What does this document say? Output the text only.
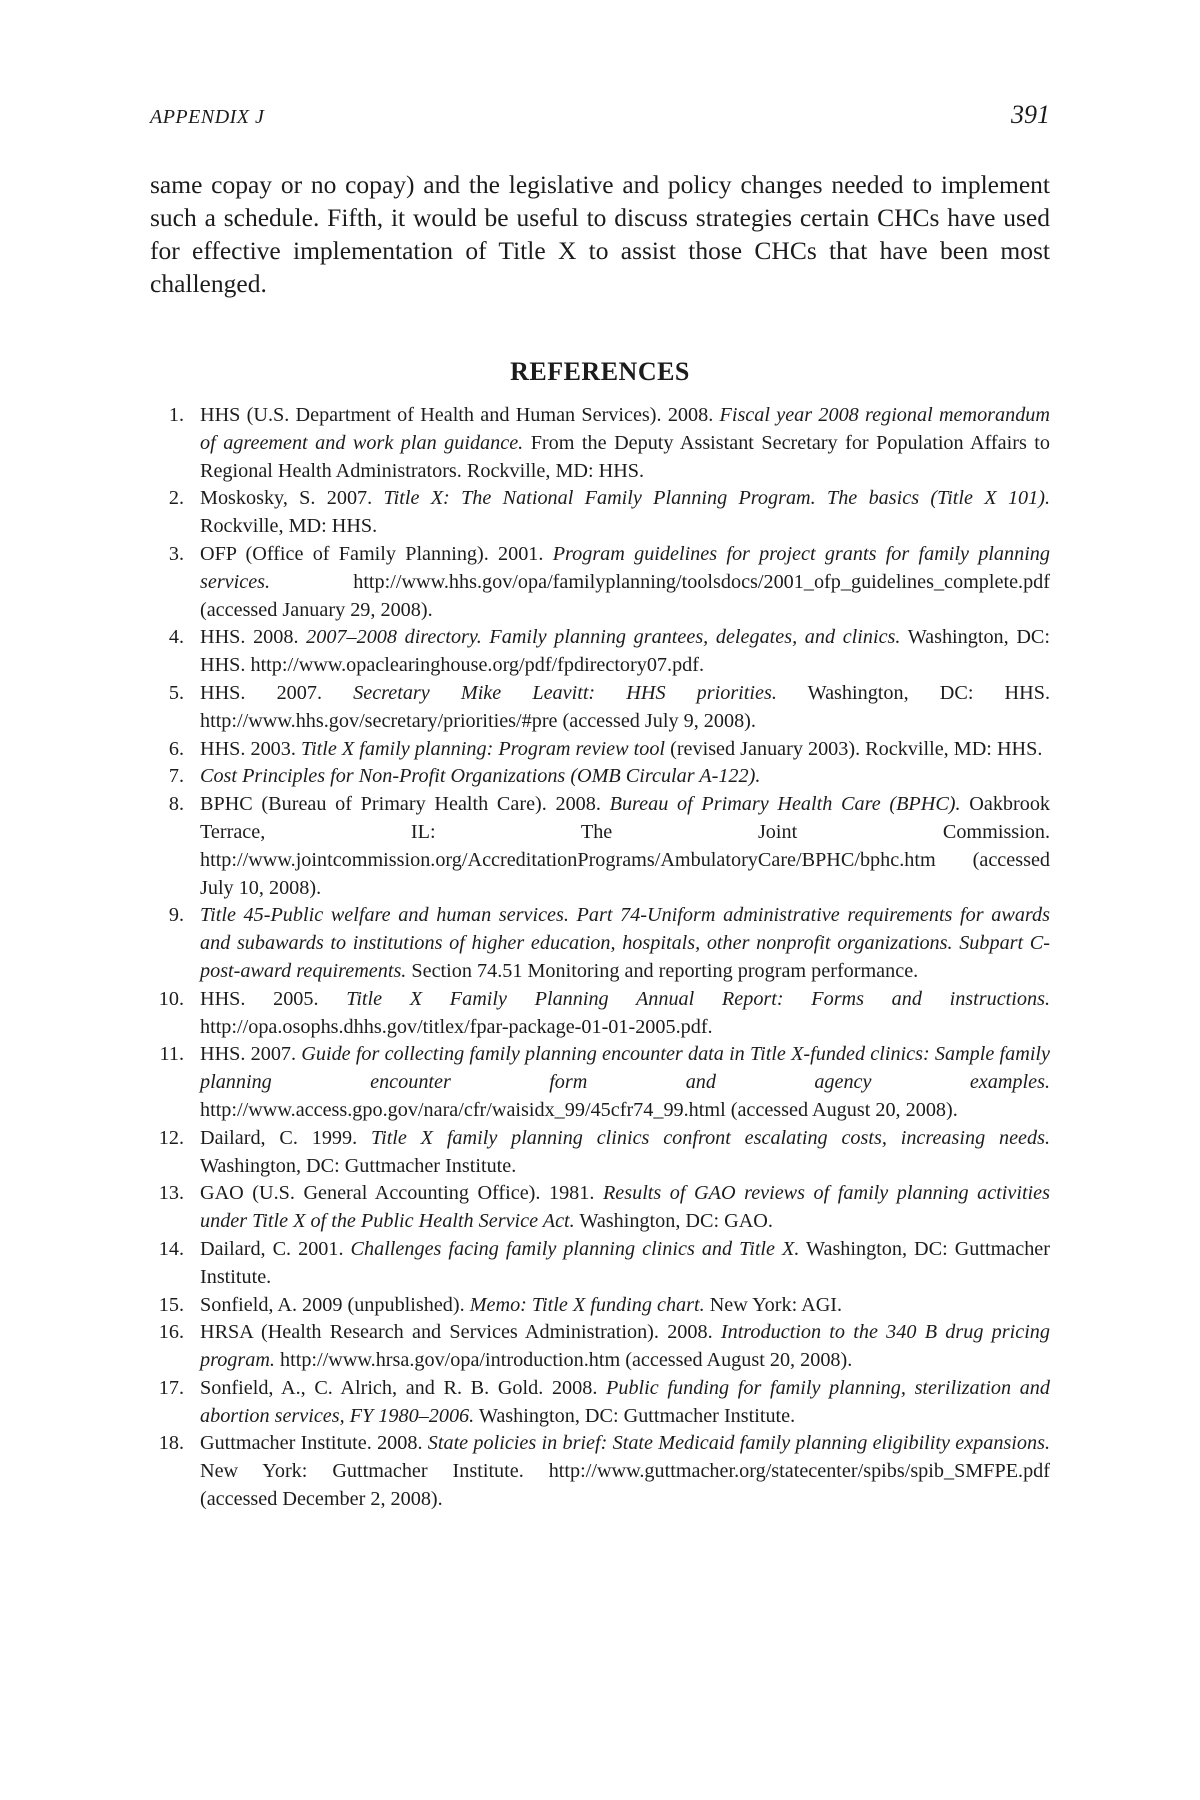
APPENDIX J	391

same copay or no copay) and the legislative and policy changes needed to implement such a schedule. Fifth, it would be useful to discuss strategies certain CHCs have used for effective implementation of Title X to assist those CHCs that have been most challenged.

REFERENCES
1. HHS (U.S. Department of Health and Human Services). 2008. Fiscal year 2008 regional memorandum of agreement and work plan guidance. From the Deputy Assistant Secretary for Population Affairs to Regional Health Administrators. Rockville, MD: HHS.
2. Moskosky, S. 2007. Title X: The National Family Planning Program. The basics (Title X 101). Rockville, MD: HHS.
3. OFP (Office of Family Planning). 2001. Program guidelines for project grants for family planning services. http://www.hhs.gov/opa/familyplanning/toolsdocs/2001_ofp_guidelines_complete.pdf (accessed January 29, 2008).
4. HHS. 2008. 2007–2008 directory. Family planning grantees, delegates, and clinics. Washington, DC: HHS. http://www.opaclearinghouse.org/pdf/fpdirectory07.pdf.
5. HHS. 2007. Secretary Mike Leavitt: HHS priorities. Washington, DC: HHS. http://www.hhs.gov/secretary/priorities/#pre (accessed July 9, 2008).
6. HHS. 2003. Title X family planning: Program review tool (revised January 2003). Rockville, MD: HHS.
7. Cost Principles for Non-Profit Organizations (OMB Circular A-122).
8. BPHC (Bureau of Primary Health Care). 2008. Bureau of Primary Health Care (BPHC). Oakbrook Terrace, IL: The Joint Commission. http://www.jointcommission.org/AccreditationPrograms/AmbulatoryCare/BPHC/bphc.htm (accessed July 10, 2008).
9. Title 45-Public welfare and human services. Part 74-Uniform administrative requirements for awards and subawards to institutions of higher education, hospitals, other nonprofit organizations. Subpart C-post-award requirements. Section 74.51 Monitoring and reporting program performance.
10. HHS. 2005. Title X Family Planning Annual Report: Forms and instructions. http://opa.osophs.dhhs.gov/titlex/fpar-package-01-01-2005.pdf.
11. HHS. 2007. Guide for collecting family planning encounter data in Title X-funded clinics: Sample family planning encounter form and agency examples. http://www.access.gpo.gov/nara/cfr/waisidx_99/45cfr74_99.html (accessed August 20, 2008).
12. Dailard, C. 1999. Title X family planning clinics confront escalating costs, increasing needs. Washington, DC: Guttmacher Institute.
13. GAO (U.S. General Accounting Office). 1981. Results of GAO reviews of family planning activities under Title X of the Public Health Service Act. Washington, DC: GAO.
14. Dailard, C. 2001. Challenges facing family planning clinics and Title X. Washington, DC: Guttmacher Institute.
15. Sonfield, A. 2009 (unpublished). Memo: Title X funding chart. New York: AGI.
16. HRSA (Health Research and Services Administration). 2008. Introduction to the 340 B drug pricing program. http://www.hrsa.gov/opa/introduction.htm (accessed August 20, 2008).
17. Sonfield, A., C. Alrich, and R. B. Gold. 2008. Public funding for family planning, sterilization and abortion services, FY 1980–2006. Washington, DC: Guttmacher Institute.
18. Guttmacher Institute. 2008. State policies in brief: State Medicaid family planning eligibility expansions. New York: Guttmacher Institute. http://www.guttmacher.org/statecenter/spibs/spib_SMFPE.pdf (accessed December 2, 2008).
